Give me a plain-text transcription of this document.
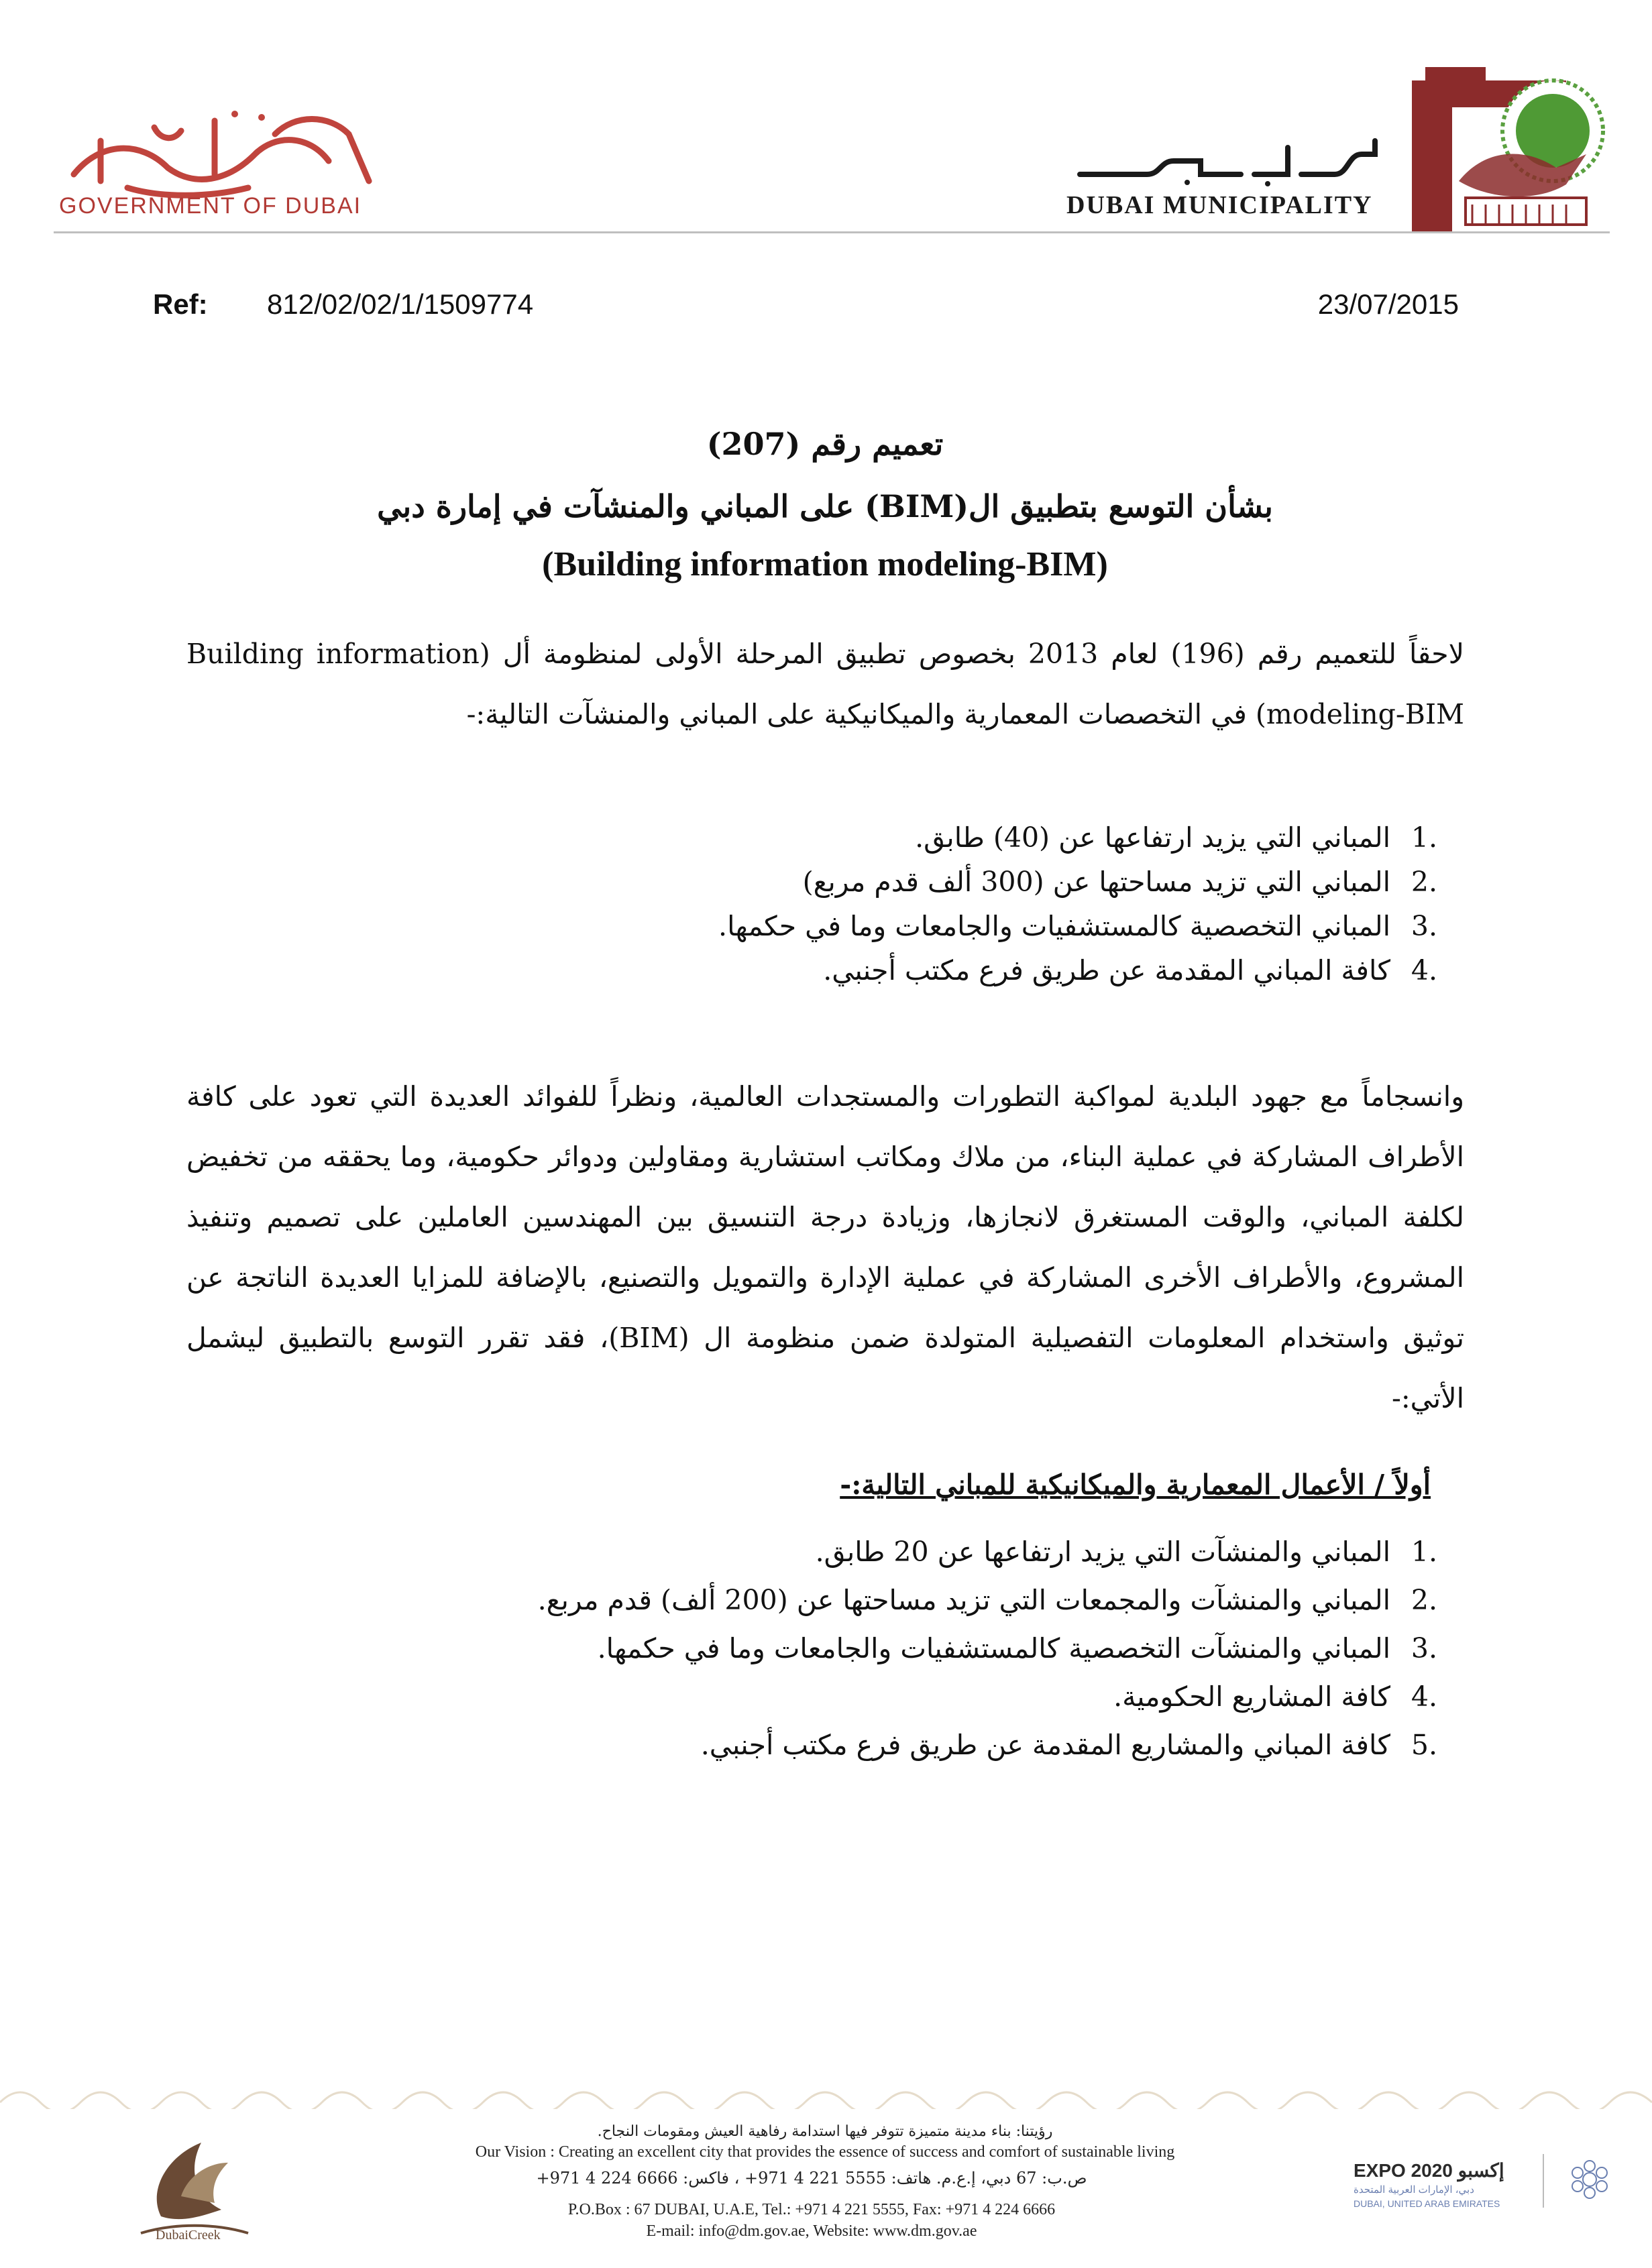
GOVERNMENT OF DUBAI	DUBAI MUNICIPALITY
Ref: 812/02/02/1/1509774	23/07/2015
تعميم رقم (207)
بشأن التوسع بتطبيق ال(BIM) على المباني والمنشآت في إمارة دبي
(Building information modeling-BIM)
لاحقاً للتعميم رقم (196) لعام 2013 بخصوص تطبيق المرحلة الأولى لمنظومة أل (Building information modeling-BIM) في التخصصات المعمارية والميكانيكية على المباني والمنشآت التالية:-
.1
المباني التي يزيد ارتفاعها عن (40) طابق.
.2
المباني التي تزيد مساحتها عن (300 ألف قدم مربع)
.3
المباني التخصصية كالمستشفيات والجامعات وما في حكمها.
.4
كافة المباني المقدمة عن طريق فرع مكتب أجنبي.
وانسجاماً مع جهود البلدية لمواكبة التطورات والمستجدات العالمية، ونظراً للفوائد العديدة التي تعود على كافة الأطراف المشاركة في عملية البناء، من ملاك ومكاتب استشارية ومقاولين ودوائر حكومية، وما يحققه من تخفيض لكلفة المباني، والوقت المستغرق لانجازها، وزيادة درجة التنسيق بين المهندسين العاملين على تصميم وتنفيذ المشروع، والأطراف الأخرى المشاركة في عملية الإدارة والتمويل والتصنيع، بالإضافة للمزايا العديدة الناتجة عن توثيق واستخدام المعلومات التفصيلية المتولدة ضمن منظومة ال (BIM)، فقد تقرر التوسع بالتطبيق ليشمل الأتي:-
أولاً / الأعمال المعمارية والميكانيكية للمباني التالية:-
.1
المباني والمنشآت التي يزيد ارتفاعها عن 20 طابق.
.2
المباني والمنشآت والمجمعات التي تزيد مساحتها عن (200 ألف) قدم مربع.
.3
المباني والمنشآت التخصصية كالمستشفيات والجامعات وما في حكمها.
.4
كافة المشاريع الحكومية.
.5
كافة المباني والمشاريع المقدمة عن طريق فرع مكتب أجنبي.
DubaiCreek
رؤيتنا: بناء مدينة متميزة تتوفر فيها استدامة رفاهية العيش ومقومات النجاح.
Our Vision : Creating an excellent city that provides the essence of success and comfort of sustainable living
ص.ب: 67 دبي، إ.ع.م. هاتف: 5555 221 4 971+ ، فاكس: 6666 224 4 971+
P.O.Box : 67 DUBAI, U.A.E, Tel.: +971 4 221 5555, Fax: +971 4 224 6666
E-mail: info@dm.gov.ae, Website: www.dm.gov.ae
EXPO 2020 إكسبو
دبي، الإمارات العربية المتحدة
DUBAI, UNITED ARAB EMIRATES
